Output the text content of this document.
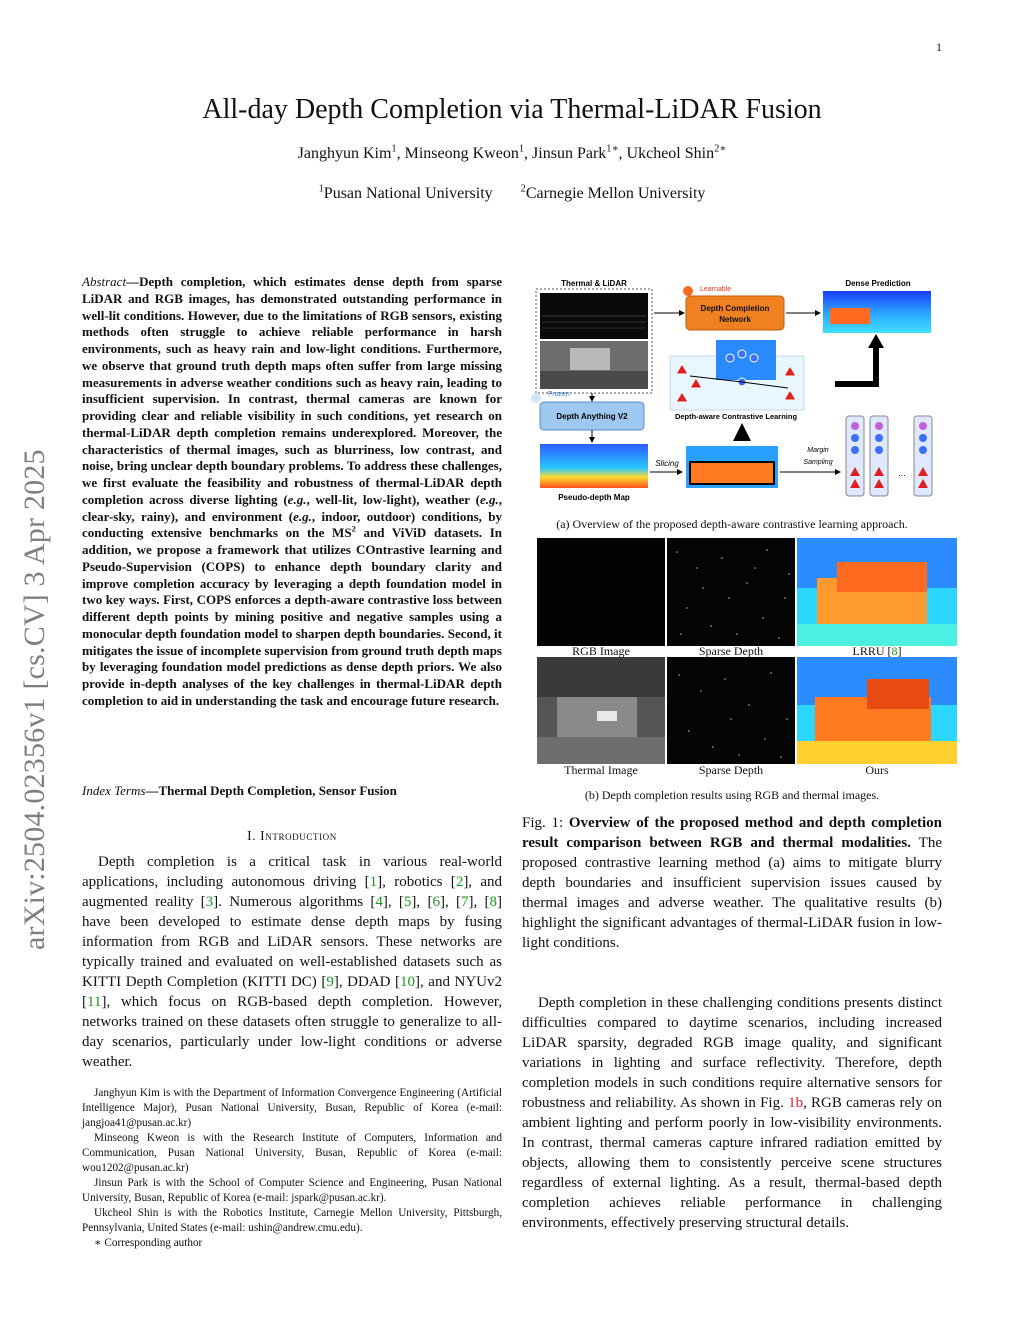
1
arXiv:2504.02356v1 [cs.CV] 3 Apr 2025
All-day Depth Completion via Thermal-LiDAR Fusion
Janghyun Kim$^1$, Minseong Kweon$^1$, Jinsun Park$^{1∗}$, Ukcheol Shin$^{2∗}$
$^1$Pusan National University	$^2$Carnegie Mellon University
Abstract—Depth completion, which estimates dense depth from sparse LiDAR and RGB images, has demonstrated outstanding performance in well-lit conditions. However, due to the limitations of RGB sensors, existing methods often struggle to achieve reliable performance in harsh environments, such as heavy rain and low-light conditions. Furthermore, we observe that ground truth depth maps often suffer from large missing measurements in adverse weather conditions such as heavy rain, leading to insufficient supervision. In contrast, thermal cameras are known for providing clear and reliable visibility in such conditions, yet research on thermal-LiDAR depth completion remains underexplored. Moreover, the characteristics of thermal images, such as blurriness, low contrast, and noise, bring unclear depth boundary problems. To address these challenges, we first evaluate the feasibility and robustness of thermal-LiDAR depth completion across diverse lighting (e.g., well-lit, low-light), weather (e.g., clear-sky, rainy), and environment (e.g., indoor, outdoor) conditions, by conducting extensive benchmarks on the $MS^2$ and ViViD datasets. In addition, we propose a framework that utilizes COntrastive learning and Pseudo-Supervision (COPS) to enhance depth boundary clarity and improve completion accuracy by leveraging a depth foundation model in two key ways. First, COPS enforces a depth-aware contrastive loss between different depth points by mining positive and negative samples using a monocular depth foundation model to sharpen depth boundaries. Second, it mitigates the issue of incomplete supervision from ground truth depth maps by leveraging foundation model predictions as dense depth priors. We also provide in-depth analyses of the key challenges in thermal-LiDAR depth completion to aid in understanding the task and encourage future research.
Index Terms—Thermal Depth Completion, Sensor Fusion
I. Introduction
Depth completion is a critical task in various real-world applications, including autonomous driving [1], robotics [2], and augmented reality [3]. Numerous algorithms [4], [5], [6], [7], [8] have been developed to estimate dense depth maps by fusing information from RGB and LiDAR sensors. These networks are typically trained and evaluated on well-established datasets such as KITTI Depth Completion (KITTI DC) [9], DDAD [10], and NYUv2 [11], which focus on RGB-based depth completion. However, networks trained on these datasets often struggle to generalize to all-day scenarios, particularly under low-light conditions or adverse weather.

Janghyun Kim is with the Department of Information Convergence Engineering (Artificial Intelligence Major), Pusan National University, Busan, Republic of Korea (e-mail: jangjoa41@pusan.ac.kr)

Minseong Kweon is with the Research Institute of Computers, Information and Communication, Pusan National University, Busan, Republic of Korea (e-mail: wou1202@pusan.ac.kr)

Jinsun Park is with the School of Computer Science and Engineering, Pusan National University, Busan, Republic of Korea (e-mail: jspark@pusan.ac.kr).

Ukcheol Shin is with the Robotics Institute, Carnegie Mellon University, Pittsburgh, Pennsylvania, United States (e-mail: ushin@andrew.cmu.edu).

∗ Corresponding author

Thermal & LiDAR
Frozen
Depth Anything V2
Pseudo-depth Map
Slicing
Learnable
Depth Completion
Network
Dense Prediction
Depth-aware Contrastive Learning
Margin
Sampling
...
(a) Overview of the proposed depth-aware contrastive learning approach.
RGB Image	Sparse Depth	LRRU [8]
Thermal Image	Sparse Depth	Ours
(b) Depth completion results using RGB and thermal images.
Fig. 1: Overview of the proposed method and depth completion result comparison between RGB and thermal modalities. The proposed contrastive learning method (a) aims to mitigate blurry depth boundaries and insufficient supervision issues caused by thermal images and adverse weather. The qualitative results (b) highlight the significant advantages of thermal-LiDAR fusion in low-light conditions.
Depth completion in these challenging conditions presents distinct difficulties compared to daytime scenarios, including increased LiDAR sparsity, degraded RGB image quality, and significant variations in lighting and surface reflectivity. Therefore, depth completion models in such conditions require alternative sensors for robustness and reliability. As shown in Fig. 1b, RGB cameras rely on ambient lighting and perform poorly in low-visibility environments. In contrast, thermal cameras capture infrared radiation emitted by objects, allowing them to consistently perceive scene structures regardless of external lighting. As a result, thermal-based depth completion achieves reliable performance in challenging environments, effectively preserving structural details.
